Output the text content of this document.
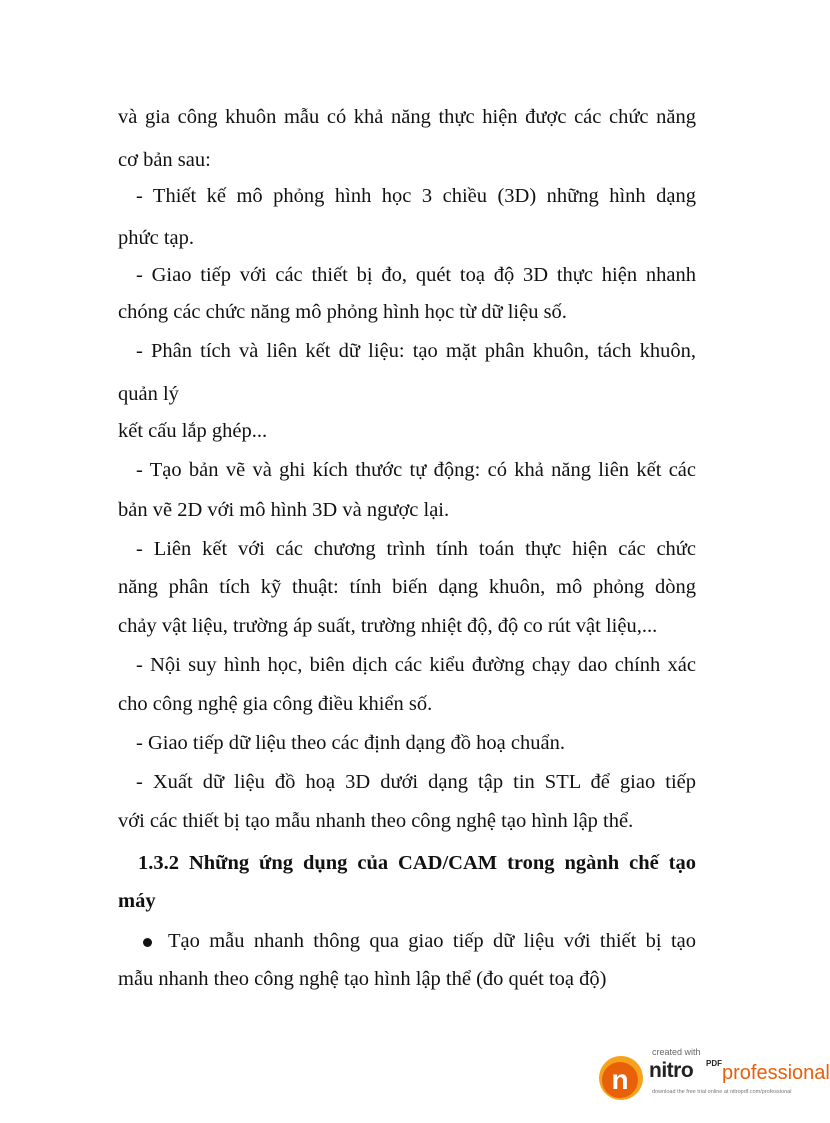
và gia công khuôn mẫu có khả năng thực hiện được các chức năng
cơ bản sau:
- Thiết kế mô phỏng hình học 3 chiều (3D) những hình dạng
phức tạp.
- Giao tiếp với các thiết bị đo, quét toạ độ 3D thực hiện nhanh
chóng các chức năng mô phỏng hình học từ dữ liệu số.
- Phân tích và liên kết dữ liệu: tạo mặt phân khuôn, tách khuôn,
quản lý
kết cấu lắp ghép...
- Tạo bản vẽ và ghi kích thước tự động: có khả năng liên kết các
bản vẽ 2D với mô hình 3D và ngược lại.
- Liên kết với các chương trình tính toán thực hiện các chức
năng phân tích kỹ thuật: tính biến dạng khuôn, mô phỏng dòng
chảy vật liệu, trường áp suất, trường nhiệt độ, độ co rút vật liệu,...
- Nội suy hình học, biên dịch các kiểu đường chạy dao chính xác
cho công nghệ gia công điều khiển số.
- Giao tiếp dữ liệu theo các định dạng đồ hoạ chuẩn.
- Xuất dữ liệu đồ hoạ 3D dưới dạng tập tin STL để giao tiếp
với các thiết bị tạo mẫu nhanh theo công nghệ tạo hình lập thể.
1.3.2 Những ứng dụng của CAD/CAM trong ngành chế tạo
máy
Tạo mẫu nhanh thông qua giao tiếp dữ liệu với thiết bị tạo
mẫu nhanh theo công nghệ tạo hình lập thể (đo quét toạ độ)
n
created with
nitro PDF professional
download the free trial online at nitropdf.com/professional
